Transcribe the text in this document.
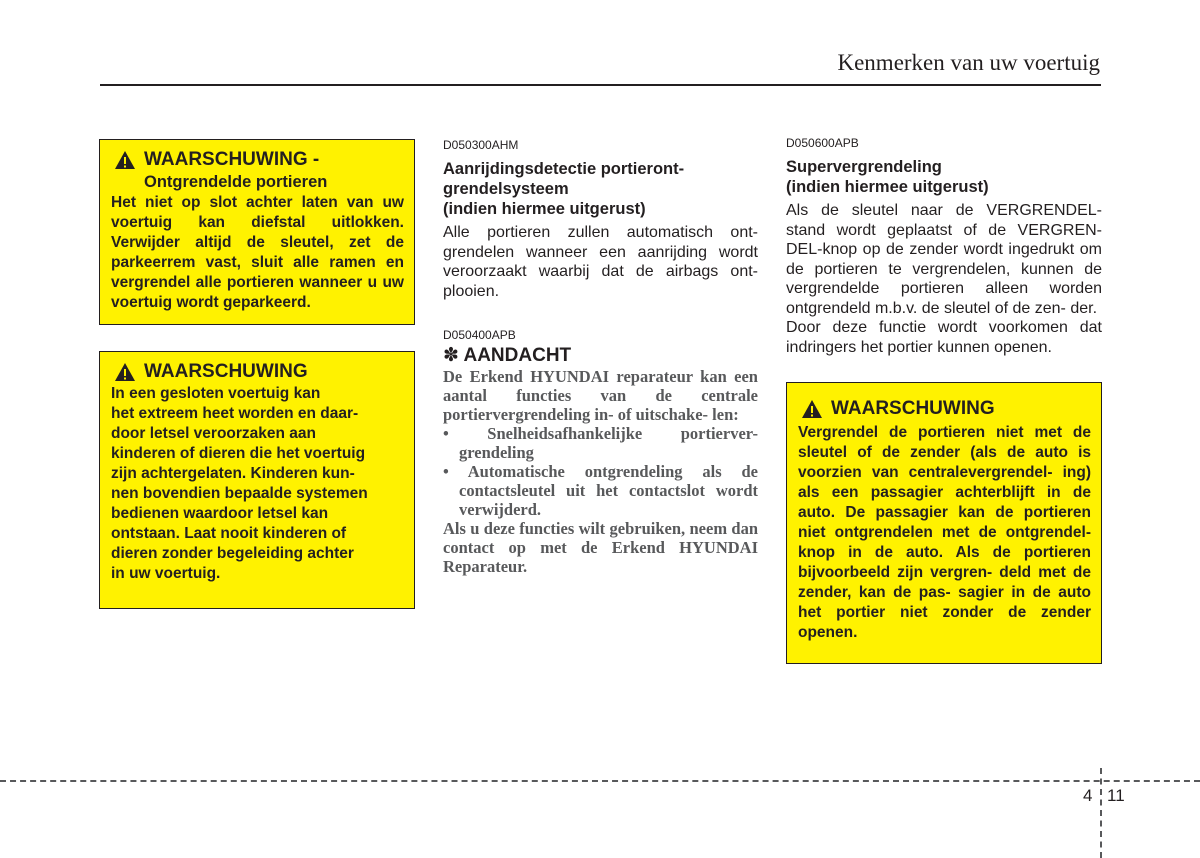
Kenmerken van uw voertuig
WAARSCHUWING -
Ontgrendelde portieren

Het niet op slot achter laten van uw voertuig kan diefstal uitlokken. Verwijder altijd de sleutel, zet de parkeerrem vast, sluit alle ramen en vergrendel alle portieren wanneer u uw voertuig wordt geparkeerd.

WAARSCHUWING

In een gesloten voertuig kan

het extreem heet worden en daar-

door letsel veroorzaken aan

kinderen of dieren die het voertuig

zijn achtergelaten. Kinderen kun-

nen bovendien bepaalde systemen

bedienen waardoor letsel kan

ontstaan. Laat nooit kinderen of

dieren zonder begeleiding achter

in uw voertuig.

D050300AHM

Aanrijdingsdetectie portieront-

grendelsysteem

(indien hiermee uitgerust)

Alle portieren zullen automatisch ont- grendelen wanneer een aanrijding wordt veroorzaakt waarbij dat de airbags ont- plooien.

D050400APB
✽ AANDACHT

De Erkend HYUNDAI reparateur kan een aantal functies van de centrale portiervergrendeling in- of uitschake- len:

• Snelheidsafhankelijke portierver- grendeling
• Automatische ontgrendeling als de contactsleutel uit het contactslot wordt verwijderd.

Als u deze functies wilt gebruiken, neem dan contact op met de Erkend HYUNDAI Reparateur.

D050600APB

Supervergrendeling

(indien hiermee uitgerust)

Als de sleutel naar de VERGRENDEL- stand wordt geplaatst of de VERGREN- DEL-knop op de zender wordt ingedrukt om de portieren te vergrendelen, kunnen de vergrendelde portieren alleen worden ontgrendeld m.b.v. de sleutel of de zen- der.

Door deze functie wordt voorkomen dat indringers het portier kunnen openen.

WAARSCHUWING

Vergrendel de portieren niet met de sleutel of de zender (als de auto is voorzien van centralevergrendel- ing) als een passagier achterblijft in de auto. De passagier kan de portieren niet ontgrendelen met de ontgrendel-knop in de auto. Als de portieren bijvoorbeeld zijn vergren- deld met de zender, kan de pas- sagier in de auto het portier niet zonder de zender openen.

4 11
